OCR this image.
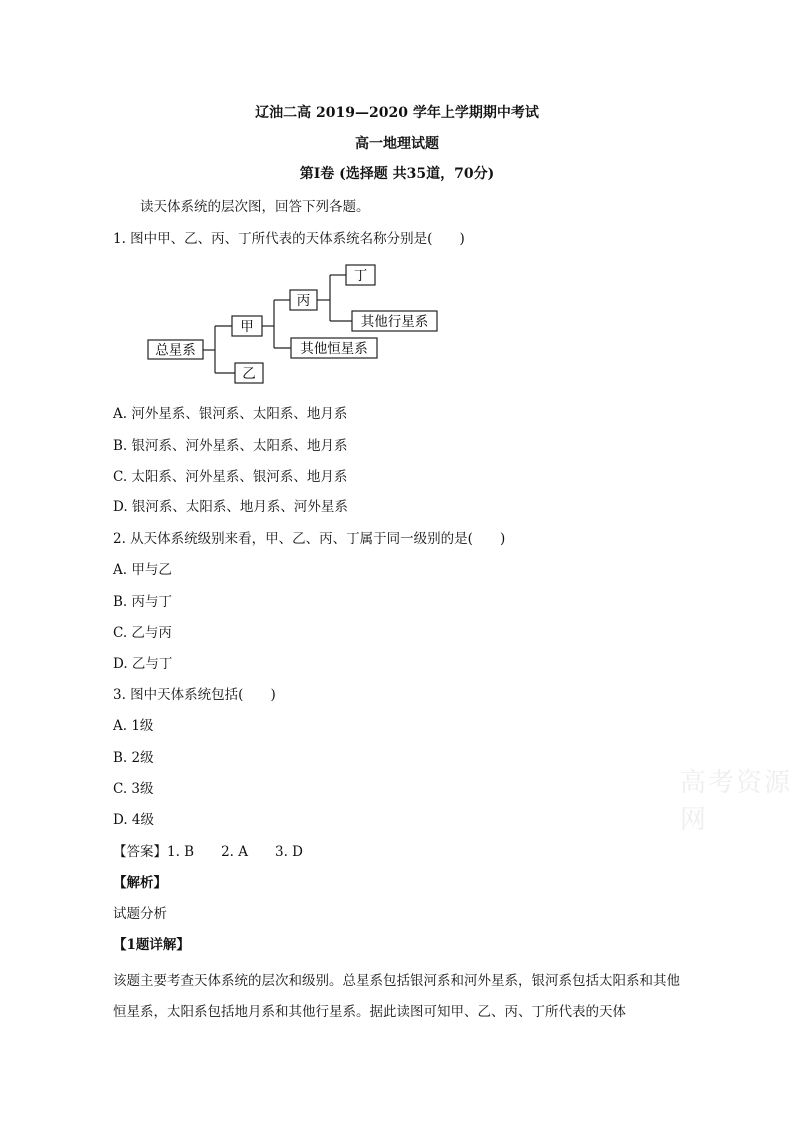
辽油二高 2019—2020 学年上学期期中考试
高一地理试题
第Ⅰ卷 (选择题 共35道，70分)
读天体系统的层次图，回答下列各题。
1. 图中甲、乙、丙、丁所代表的天体系统名称分别是(　　)
总星系
甲
乙
丙
其他恒星系
丁
其他行星系
A. 河外星系、银河系、太阳系、地月系
B. 银河系、河外星系、太阳系、地月系
C. 太阳系、河外星系、银河系、地月系
D. 银河系、太阳系、地月系、河外星系
2. 从天体系统级别来看，甲、乙、丙、丁属于同一级别的是(　　)
A. 甲与乙
B. 丙与丁
C. 乙与丙
D. 乙与丁
3. 图中天体系统包括(　　)
A. 1级
B. 2级
C. 3级
D. 4级
高考资源网
【答案】1. B　　2. A　　3. D
【解析】
试题分析
【1题详解】
该题主要考查天体系统的层次和级别。总星系包括银河系和河外星系，银河系包括太阳系和其他恒星系，太阳系包括地月系和其他行星系。据此读图可知甲、乙、丙、丁所代表的天体
